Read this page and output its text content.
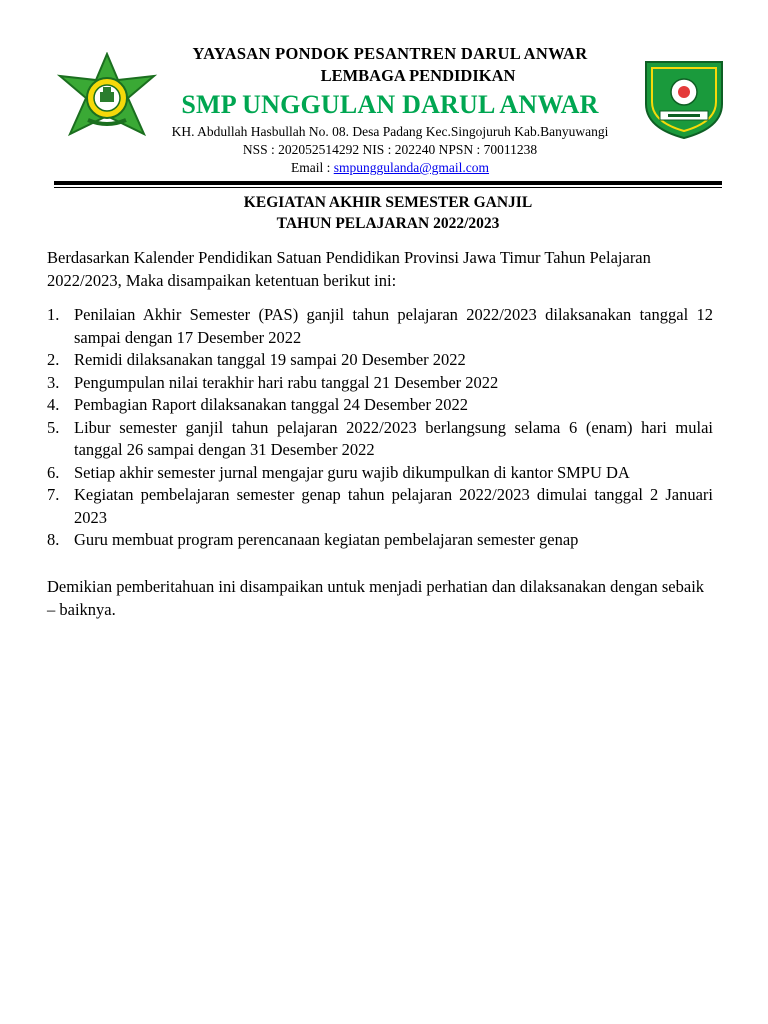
YAYASAN PONDOK PESANTREN DARUL ANWAR
LEMBAGA PENDIDIKAN
SMP UNGGULAN DARUL ANWAR
KH. Abdullah Hasbullah No. 08. Desa Padang Kec.Singojuruh Kab.Banyuwangi
NSS : 202052514292 NIS : 202240 NPSN : 70011238
Email : smpunggulanda@gmail.com
KEGIATAN AKHIR SEMESTER GANJIL
TAHUN PELAJARAN 2022/2023
Berdasarkan Kalender Pendidikan Satuan Pendidikan Provinsi Jawa Timur Tahun Pelajaran 2022/2023, Maka disampaikan ketentuan berikut ini:
1. Penilaian Akhir Semester (PAS) ganjil tahun pelajaran 2022/2023 dilaksanakan tanggal 12 sampai dengan 17 Desember 2022
2. Remidi dilaksanakan tanggal 19 sampai 20 Desember 2022
3. Pengumpulan nilai terakhir hari rabu tanggal 21 Desember 2022
4. Pembagian Raport dilaksanakan tanggal 24 Desember 2022
5. Libur semester ganjil tahun pelajaran 2022/2023 berlangsung selama 6 (enam) hari mulai tanggal 26 sampai dengan 31 Desember 2022
6. Setiap akhir semester jurnal mengajar guru wajib dikumpulkan di kantor SMPU DA
7. Kegiatan pembelajaran semester genap tahun pelajaran 2022/2023 dimulai tanggal 2 Januari 2023
8. Guru membuat program perencanaan kegiatan pembelajaran semester genap
Demikian pemberitahuan ini disampaikan untuk menjadi perhatian dan dilaksanakan dengan sebaik – baiknya.
